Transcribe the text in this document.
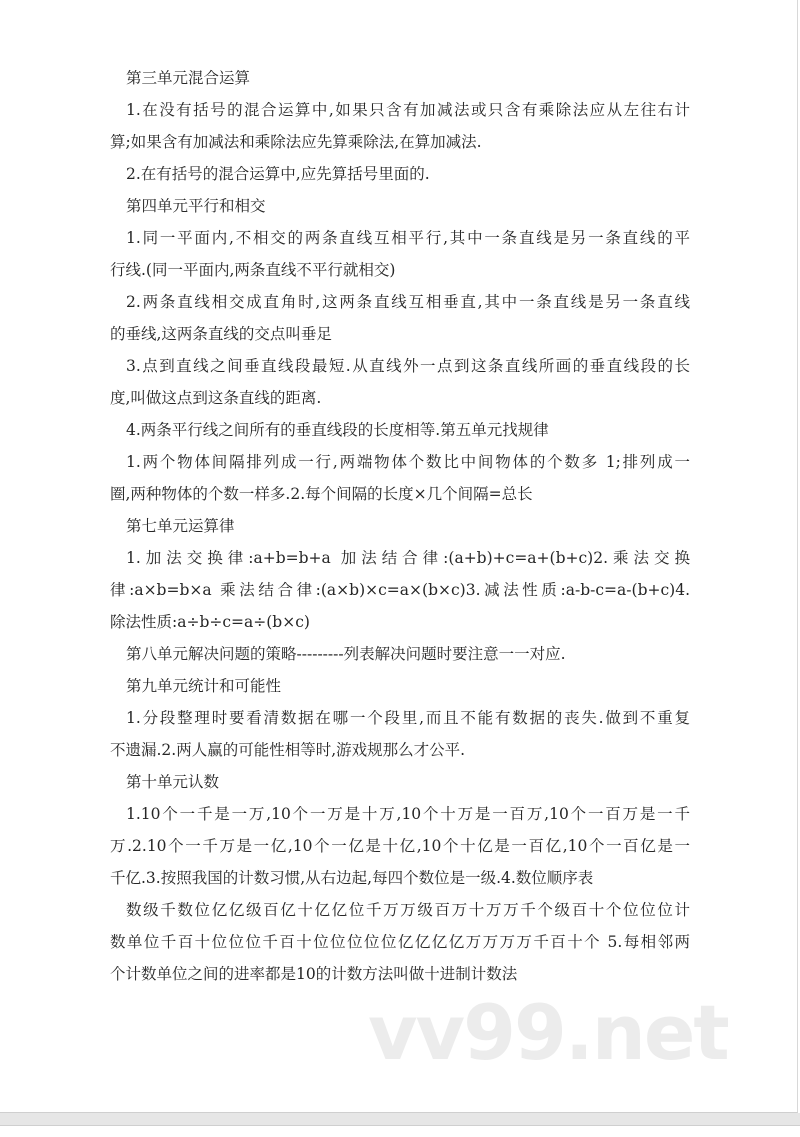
第三单元混合运算
1.在没有括号的混合运算中,如果只含有加减法或只含有乘除法应从左往右计
算;如果含有加减法和乘除法应先算乘除法,在算加减法.
2.在有括号的混合运算中,应先算括号里面的.
第四单元平行和相交
1.同一平面内,不相交的两条直线互相平行,其中一条直线是另一条直线的平
行线.(同一平面内,两条直线不平行就相交)
2.两条直线相交成直角时,这两条直线互相垂直,其中一条直线是另一条直线
的垂线,这两条直线的交点叫垂足
3.点到直线之间垂直线段最短.从直线外一点到这条直线所画的垂直线段的长
度,叫做这点到这条直线的距离.
4.两条平行线之间所有的垂直线段的长度相等.第五单元找规律
1.两个物体间隔排列成一行,两端物体个数比中间物体的个数多 1;排列成一
圈,两种物体的个数一样多.2.每个间隔的长度×几个间隔=总长
第七单元运算律
1.加法交换律:a+b=b+a 加法结合律:(a+b)+c=a+(b+c)2.乘法交换
律:a×b=b×a 乘法结合律:(a×b)×c=a×(b×c)3.减法性质:a-b-c=a-(b+c)4.
除法性质:a÷b÷c=a÷(b×c)
第八单元解决问题的策略---------列表解决问题时要注意一一对应.
第九单元统计和可能性
1.分段整理时要看清数据在哪一个段里,而且不能有数据的丧失.做到不重复
不遗漏.2.两人赢的可能性相等时,游戏规那么才公平.
第十单元认数
1.10个一千是一万,10个一万是十万,10个十万是一百万,10个一百万是一千
万.2.10个一千万是一亿,10个一亿是十亿,10个十亿是一百亿,10个一百亿是一
千亿.3.按照我国的计数习惯,从右边起,每四个数位是一级.4.数位顺序表
数级千数位亿亿级百亿十亿亿位千万万级百万十万万千个级百十个位位位计
数单位千百十位位位千百十位位位位位亿亿亿亿万万万万千百十个 5.每相邻两
个计数单位之间的进率都是10的计数方法叫做十进制计数法
vv99.net
